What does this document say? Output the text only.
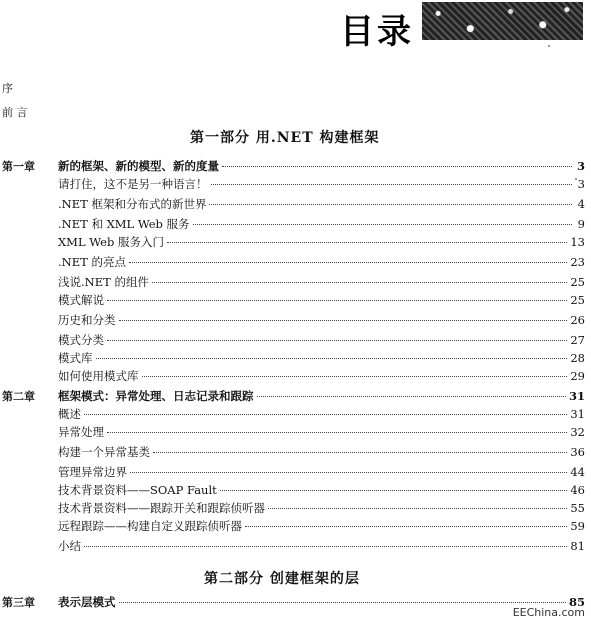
目录
序
前 言
第一部分 用.NET 构建框架
第二部分 创建框架的层
第一章 新的框架、新的模型、新的度量	3
请打住，这不是另一种语言！	3
.NET 框架和分布式的新世界	4
.NET 和 XML Web 服务	9
XML Web 服务入门	13
.NET 的亮点	23
浅说.NET 的组件	25
模式解说	25
历史和分类	26
模式分类	27
模式库	28
如何使用模式库	29
第二章 框架模式：异常处理、日志记录和跟踪	31
概述	31
异常处理	32
构建一个异常基类	36
管理异常边界	44
技术背景资料——SOAP Fault	46
技术背景资料——跟踪开关和跟踪侦听器	55
远程跟踪——构建自定义跟踪侦听器	59
小结	81
第三章 表示层模式	85
EEChina.com
